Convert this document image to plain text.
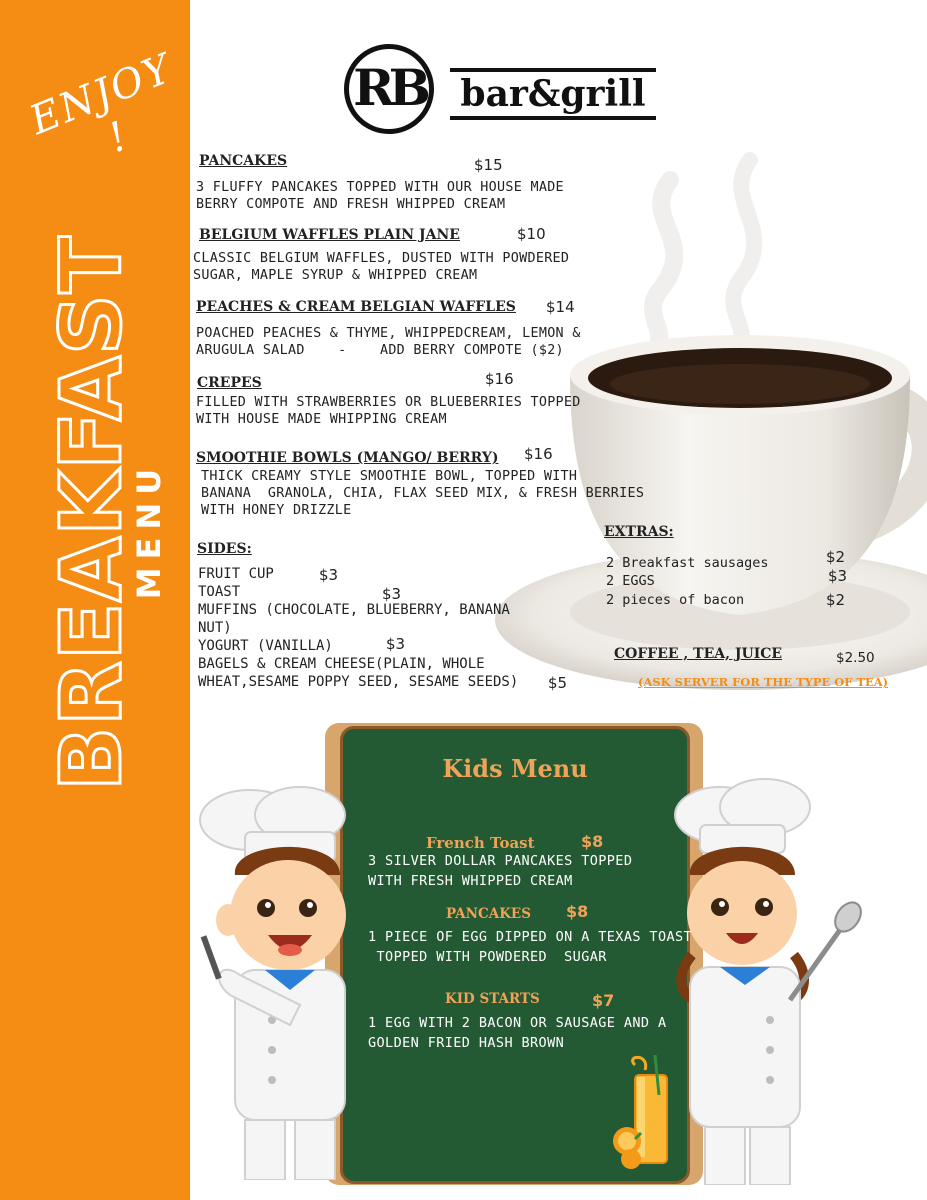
ENJOY !
BREAKFAST
MENU
RB bar&grill
PANCAKES	$15
3 FLUFFY PANCAKES TOPPED WITH OUR HOUSE MADE
BERRY COMPOTE AND FRESH WHIPPED CREAM
BELGIUM WAFFLES PLAIN JANE	$10
CLASSIC BELGIUM WAFFLES, DUSTED WITH POWDERED
SUGAR, MAPLE SYRUP & WHIPPED CREAM
PEACHES & CREAM BELGIAN WAFFLES $14
POACHED PEACHES & THYME, WHIPPEDCREAM, LEMON &
ARUGULA SALAD    -    ADD BERRY COMPOTE ($2)
CREPES	$16
FILLED WITH STRAWBERRIES OR BLUEBERRIES TOPPED
WITH HOUSE MADE WHIPPING CREAM
SMOOTHIE BOWLS (MANGO/ BERRY) $16
THICK CREAMY STYLE SMOOTHIE BOWL, TOPPED WITH
BANANA  GRANOLA, CHIA, FLAX SEED MIX, & FRESH BERRIES
WITH HONEY DRIZZLE
SIDES:
FRUIT CUP	$3
TOAST	$3
MUFFINS (CHOCOLATE, BLUEBERRY, BANANA
NUT)
YOGURT (VANILLA)	$3
BAGELS & CREAM CHEESE(PLAIN, WHOLE
WHEAT,SESAME POPPY SEED, SESAME SEEDS) $5
EXTRAS:
2 Breakfast sausages	$2
2 EGGS	$3
2 pieces of bacon	$2
COFFEE , TEA, JUICE	$2.50
(ASK SERVER FOR THE TYPE OF TEA)
Kids Menu
French Toast	$8
3 SILVER DOLLAR PANCAKES TOPPED
WITH FRESH WHIPPED CREAM
PANCAKES $8
1 PIECE OF EGG DIPPED ON A TEXAS TOAST
TOPPED WITH POWDERED  SUGAR
KID STARTS	$7
1 EGG WITH 2 BACON OR SAUSAGE AND A
GOLDEN FRIED HASH BROWN
